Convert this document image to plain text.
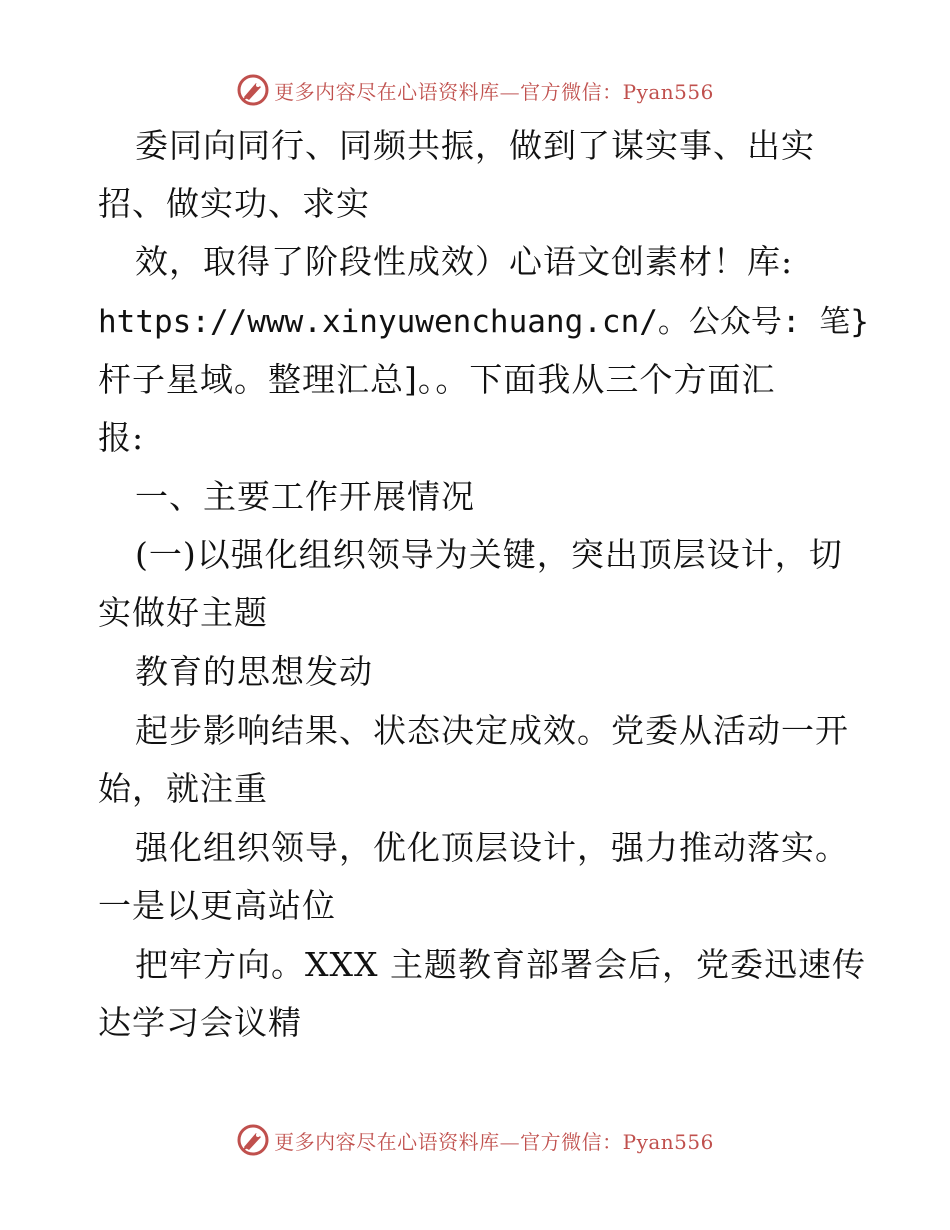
更多内容尽在心语资料库—官方微信：Pyan556
委同向同行、同频共振，做到了谋实事、出实
招、做实功、求实
效，取得了阶段性成效）心语文创素材！库:
https://www.xinyuwenchuang.cn/。公众号: 笔}
杆子星域。整理汇总]。。下面我从三个方面汇
报:
一、主要工作开展情况
(一)以强化组织领导为关键，突出顶层设计，切
实做好主题
教育的思想发动
起步影响结果、状态决定成效。党委从活动一开
始，就注重
强化组织领导，优化顶层设计，强力推动落实。
一是以更高站位
把牢方向。XXX 主题教育部署会后，党委迅速传
达学习会议精
更多内容尽在心语资料库—官方微信：Pyan556
